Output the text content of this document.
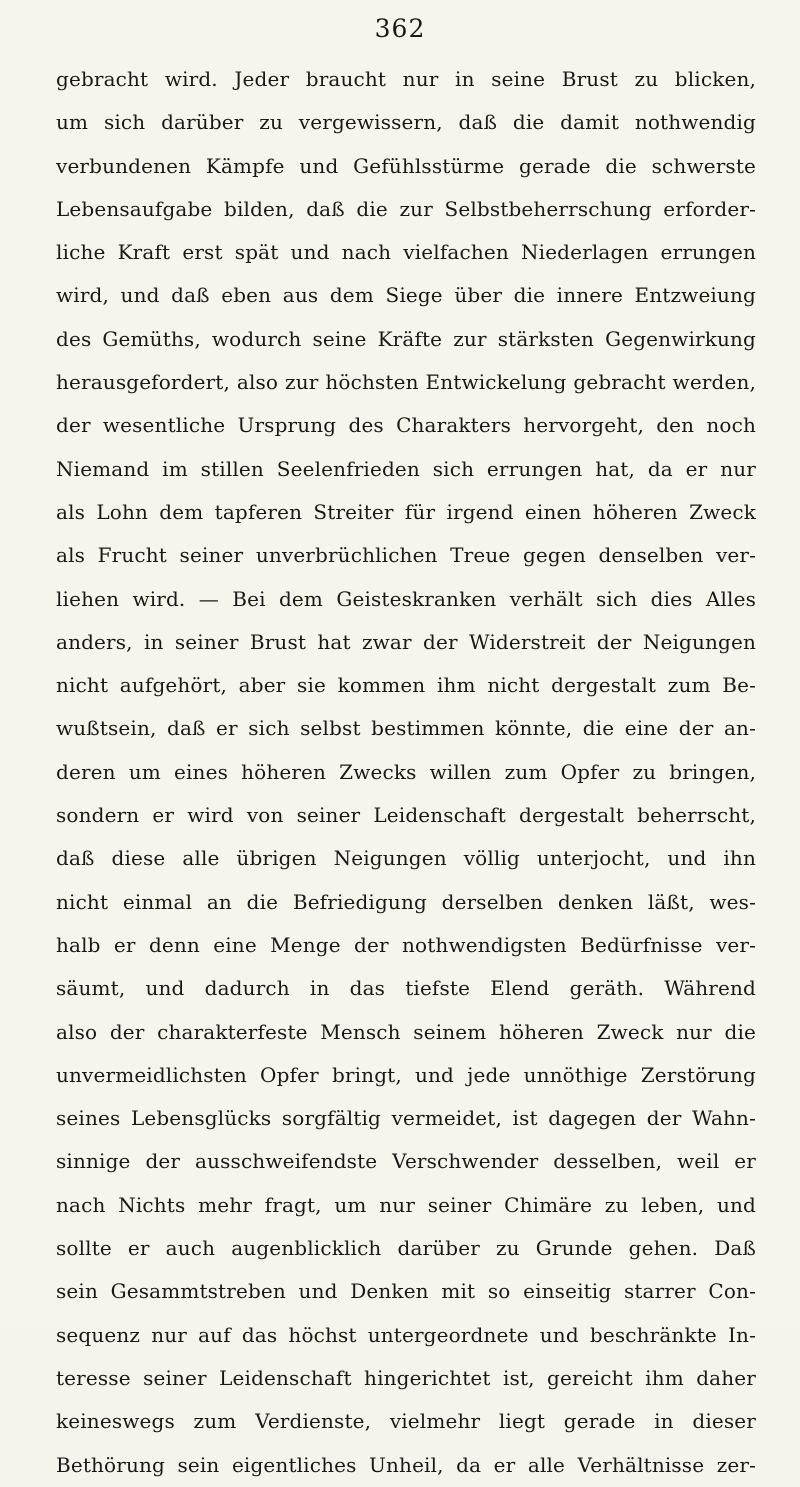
362
gebracht wird. Jeder braucht nur in seine Brust zu blicken,
um sich darüber zu vergewissern, daß die damit nothwendig
verbundenen Kämpfe und Gefühlsstürme gerade die schwerste
Lebensaufgabe bilden, daß die zur Selbstbeherrschung erforder-
liche Kraft erst spät und nach vielfachen Niederlagen errungen
wird, und daß eben aus dem Siege über die innere Entzweiung
des Gemüths, wodurch seine Kräfte zur stärksten Gegenwirkung
herausgefordert, also zur höchsten Entwickelung gebracht werden,
der wesentliche Ursprung des Charakters hervorgeht, den noch
Niemand im stillen Seelenfrieden sich errungen hat, da er nur
als Lohn dem tapferen Streiter für irgend einen höheren Zweck
als Frucht seiner unverbrüchlichen Treue gegen denselben ver-
liehen wird. — Bei dem Geisteskranken verhält sich dies Alles
anders, in seiner Brust hat zwar der Widerstreit der Neigungen
nicht aufgehört, aber sie kommen ihm nicht dergestalt zum Be-
wußtsein, daß er sich selbst bestimmen könnte, die eine der an-
deren um eines höheren Zwecks willen zum Opfer zu bringen,
sondern er wird von seiner Leidenschaft dergestalt beherrscht,
daß diese alle übrigen Neigungen völlig unterjocht, und ihn
nicht einmal an die Befriedigung derselben denken läßt, wes-
halb er denn eine Menge der nothwendigsten Bedürfnisse ver-
säumt, und dadurch in das tiefste Elend geräth. Während
also der charakterfeste Mensch seinem höheren Zweck nur die
unvermeidlichsten Opfer bringt, und jede unnöthige Zerstörung
seines Lebensglücks sorgfältig vermeidet, ist dagegen der Wahn-
sinnige der ausschweifendste Verschwender desselben, weil er
nach Nichts mehr fragt, um nur seiner Chimäre zu leben, und
sollte er auch augenblicklich darüber zu Grunde gehen. Daß
sein Gesammtstreben und Denken mit so einseitig starrer Con-
sequenz nur auf das höchst untergeordnete und beschränkte In-
teresse seiner Leidenschaft hingerichtet ist, gereicht ihm daher
keineswegs zum Verdienste, vielmehr liegt gerade in dieser
Bethörung sein eigentliches Unheil, da er alle Verhältnisse zer-
